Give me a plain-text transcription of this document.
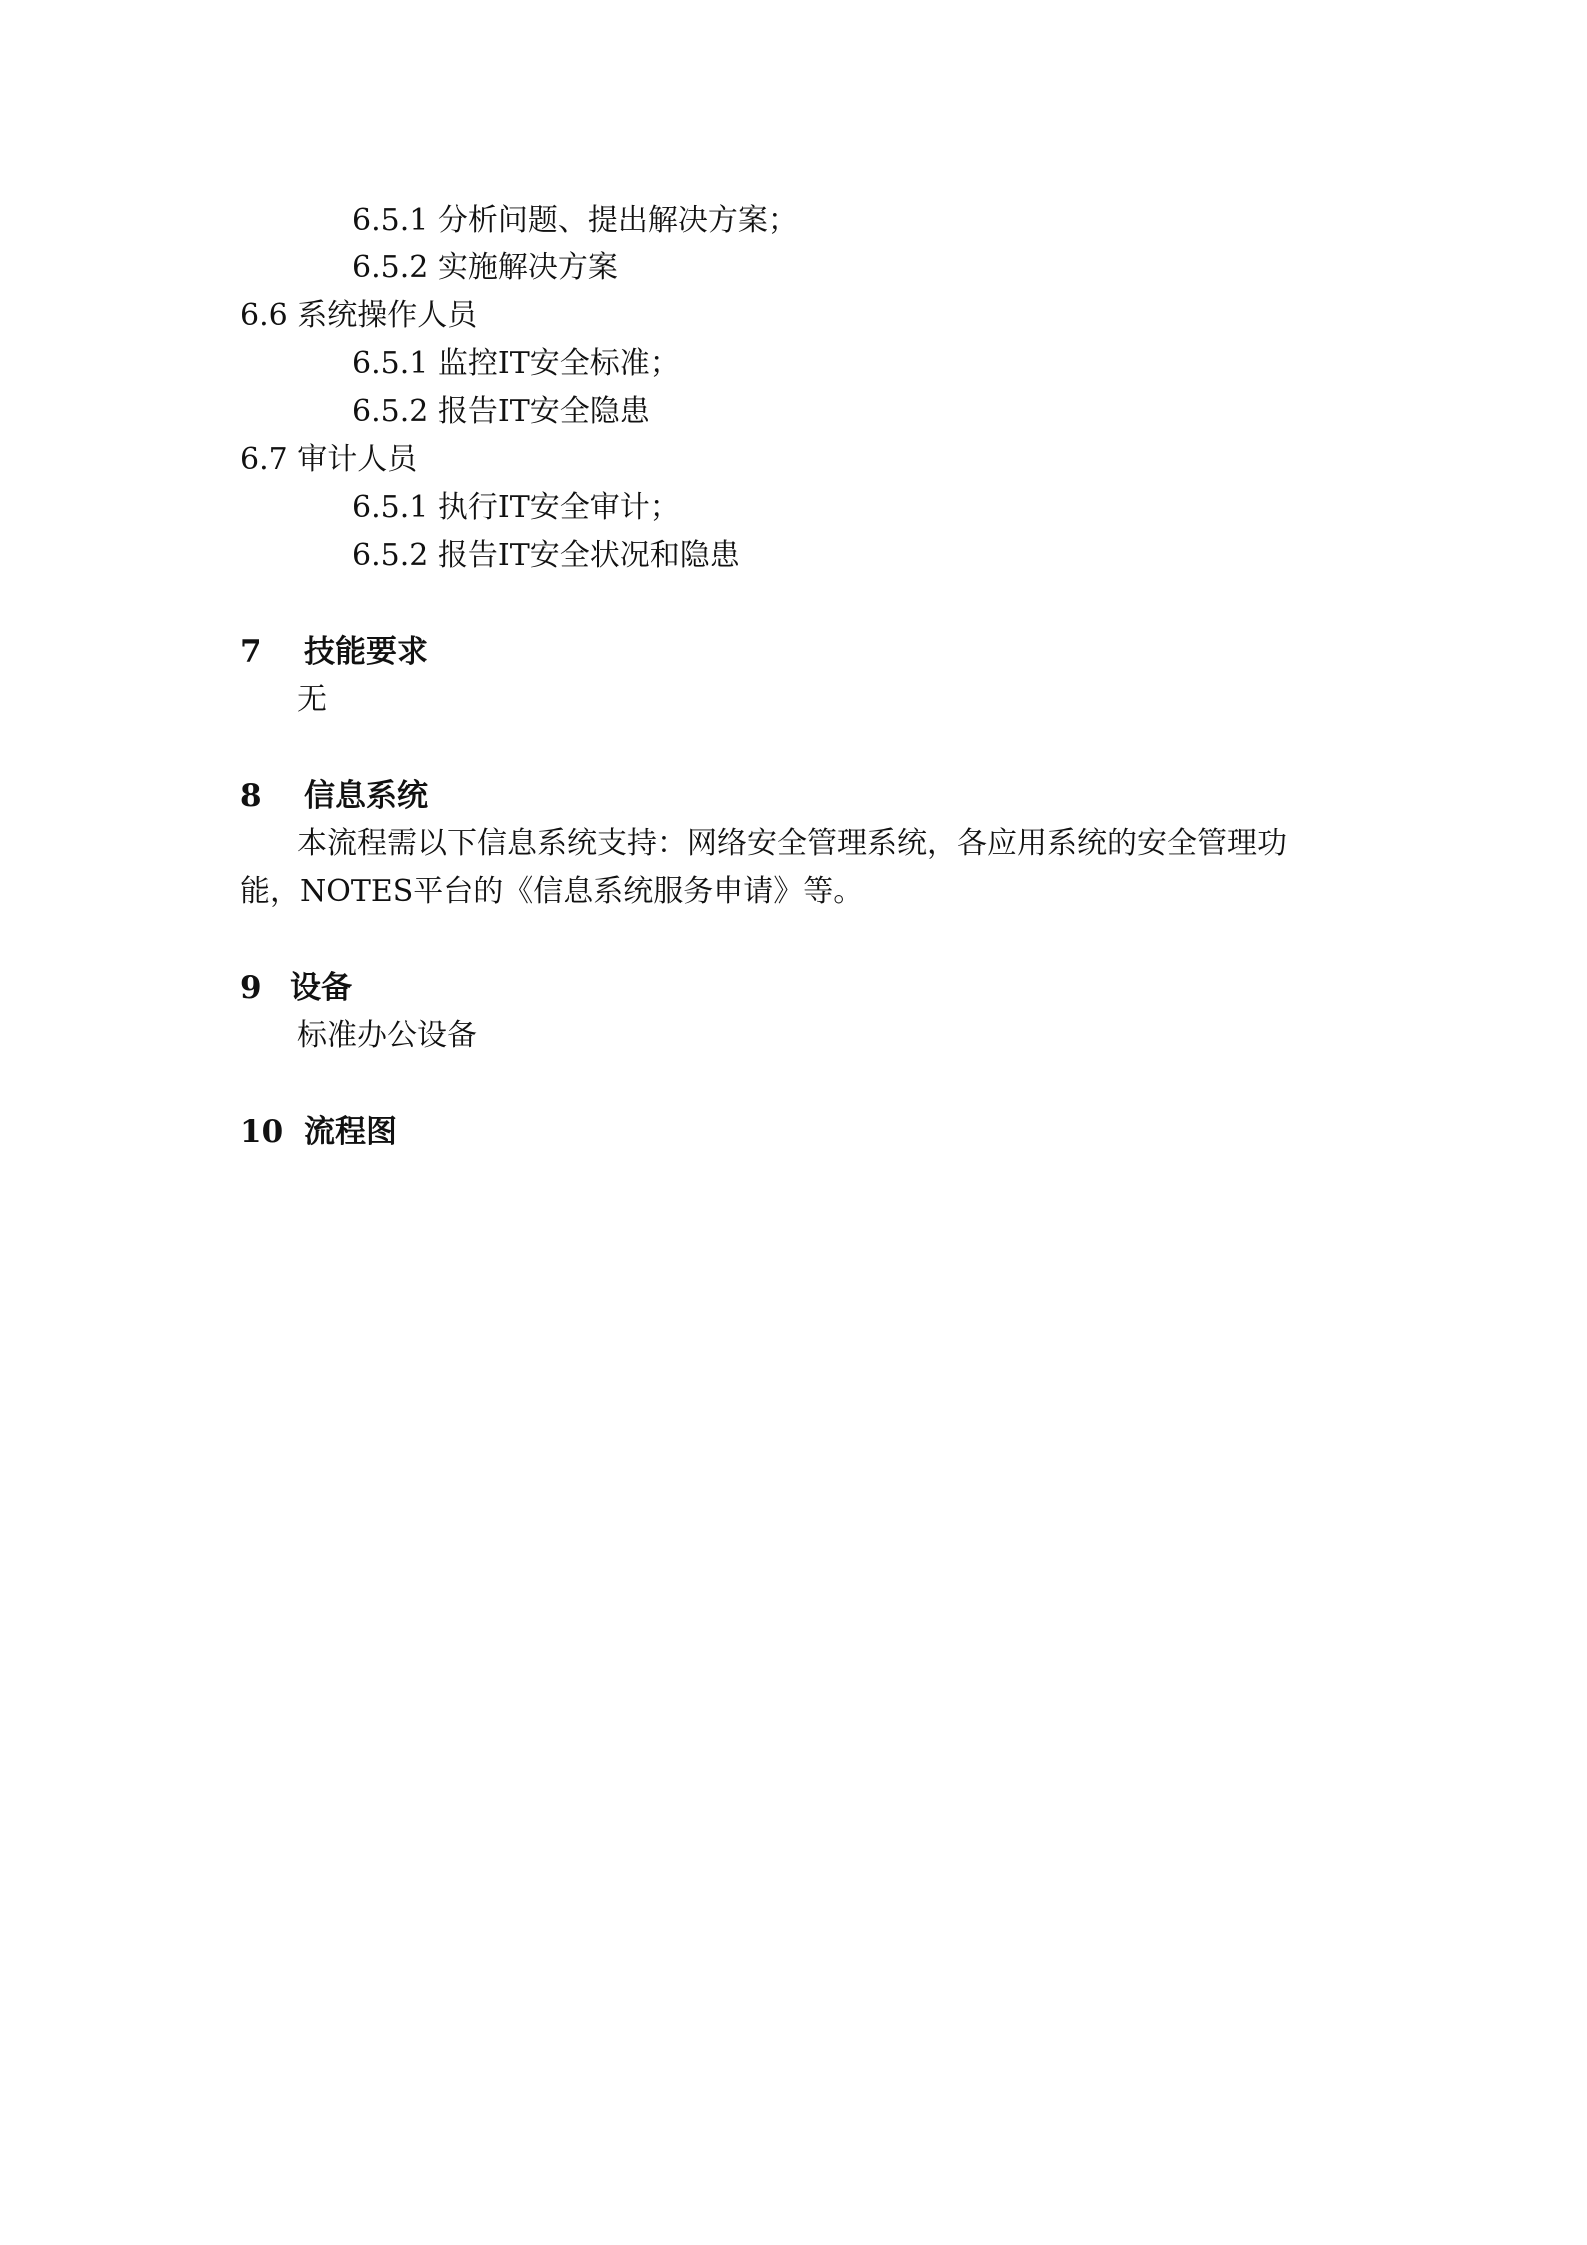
6.5.1 分析问题、提出解决方案；
6.5.2 实施解决方案
6.6 系统操作人员
6.5.1 监控IT安全标准；
6.5.2 报告IT安全隐患
6.7 审计人员
6.5.1 执行IT安全审计；
6.5.2 报告IT安全状况和隐患
7 技能要求
无
8 信息系统
本流程需以下信息系统支持：网络安全管理系统，各应用系统的安全管理功
能，NOTES平台的《信息系统服务申请》等。
9 设备
标准办公设备
10 流程图
